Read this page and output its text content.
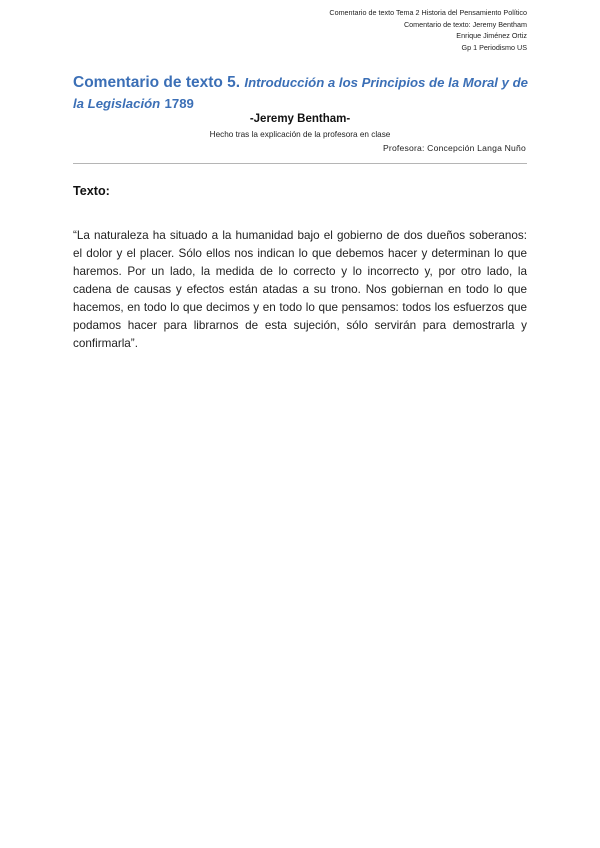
Comentario de texto Tema 2 Historia del Pensamiento Político
Comentario de texto: Jeremy Bentham
Enrique Jiménez Ortiz
Gp 1 Periodismo US
Comentario de texto 5. Introducción a los Principios de la Moral y de la Legislación 1789
-Jeremy Bentham-
Hecho tras la explicación de la profesora en clase
Profesora: Concepción Langa Nuño
Texto:

“La naturaleza ha situado a la humanidad bajo el gobierno de dos dueños soberanos: el dolor y el placer. Sólo ellos nos indican lo que debemos hacer y determinan lo que haremos. Por un lado, la medida de lo correcto y lo incorrecto y, por otro lado, la cadena de causas y efectos están atadas a su trono. Nos gobiernan en todo lo que hacemos, en todo lo que decimos y en todo lo que pensamos: todos los esfuerzos que podamos hacer para librarnos de esta sujeción, sólo servirán para demostrarla y confirmarla”.
